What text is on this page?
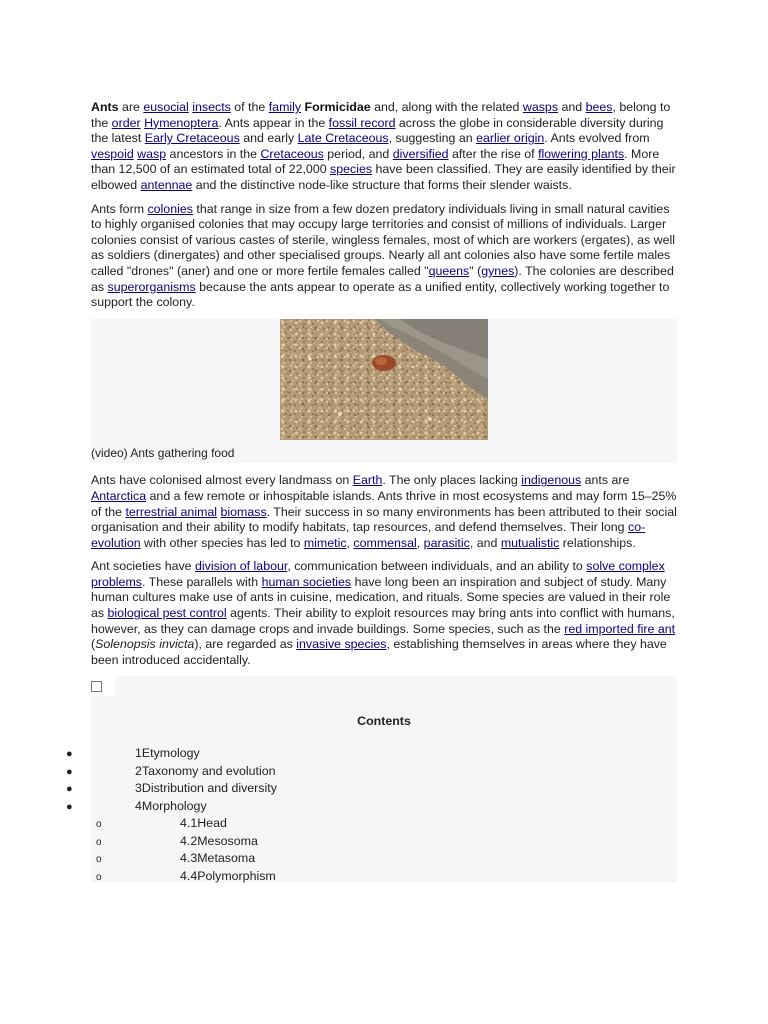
Ants are eusocial insects of the family Formicidae and, along with the related wasps and bees, belong to the order Hymenoptera. Ants appear in the fossil record across the globe in considerable diversity during the latest Early Cretaceous and early Late Cretaceous, suggesting an earlier origin. Ants evolved from vespoid wasp ancestors in the Cretaceous period, and diversified after the rise of flowering plants. More than 12,500 of an estimated total of 22,000 species have been classified. They are easily identified by their elbowed antennae and the distinctive node-like structure that forms their slender waists.

Ants form colonies that range in size from a few dozen predatory individuals living in small natural cavities to highly organised colonies that may occupy large territories and consist of millions of individuals. Larger colonies consist of various castes of sterile, wingless females, most of which are workers (ergates), as well as soldiers (dinergates) and other specialised groups. Nearly all ant colonies also have some fertile males called "drones" (aner) and one or more fertile females called "queens" (gynes). The colonies are described as superorganisms because the ants appear to operate as a unified entity, collectively working together to support the colony.

(video) Ants gathering food

Ants have colonised almost every landmass on Earth. The only places lacking indigenous ants are Antarctica and a few remote or inhospitable islands. Ants thrive in most ecosystems and may form 15–25% of the terrestrial animal biomass. Their success in so many environments has been attributed to their social organisation and their ability to modify habitats, tap resources, and defend themselves. Their long co-evolution with other species has led to mimetic, commensal, parasitic, and mutualistic relationships.

Ant societies have division of labour, communication between individuals, and an ability to solve complex problems. These parallels with human societies have long been an inspiration and subject of study. Many human cultures make use of ants in cuisine, medication, and rituals. Some species are valued in their role as biological pest control agents. Their ability to exploit resources may bring ants into conflict with humans, however, as they can damage crops and invade buildings. Some species, such as the red imported fire ant (Solenopsis invicta), are regarded as invasive species, establishing themselves in areas where they have been introduced accidentally.

Contents
●	1Etymology
●	2Taxonomy and evolution
●	3Distribution and diversity
●	4Morphology
o	4.1Head
o	4.2Mesosoma
o	4.3Metasoma
o	4.4Polymorphism
